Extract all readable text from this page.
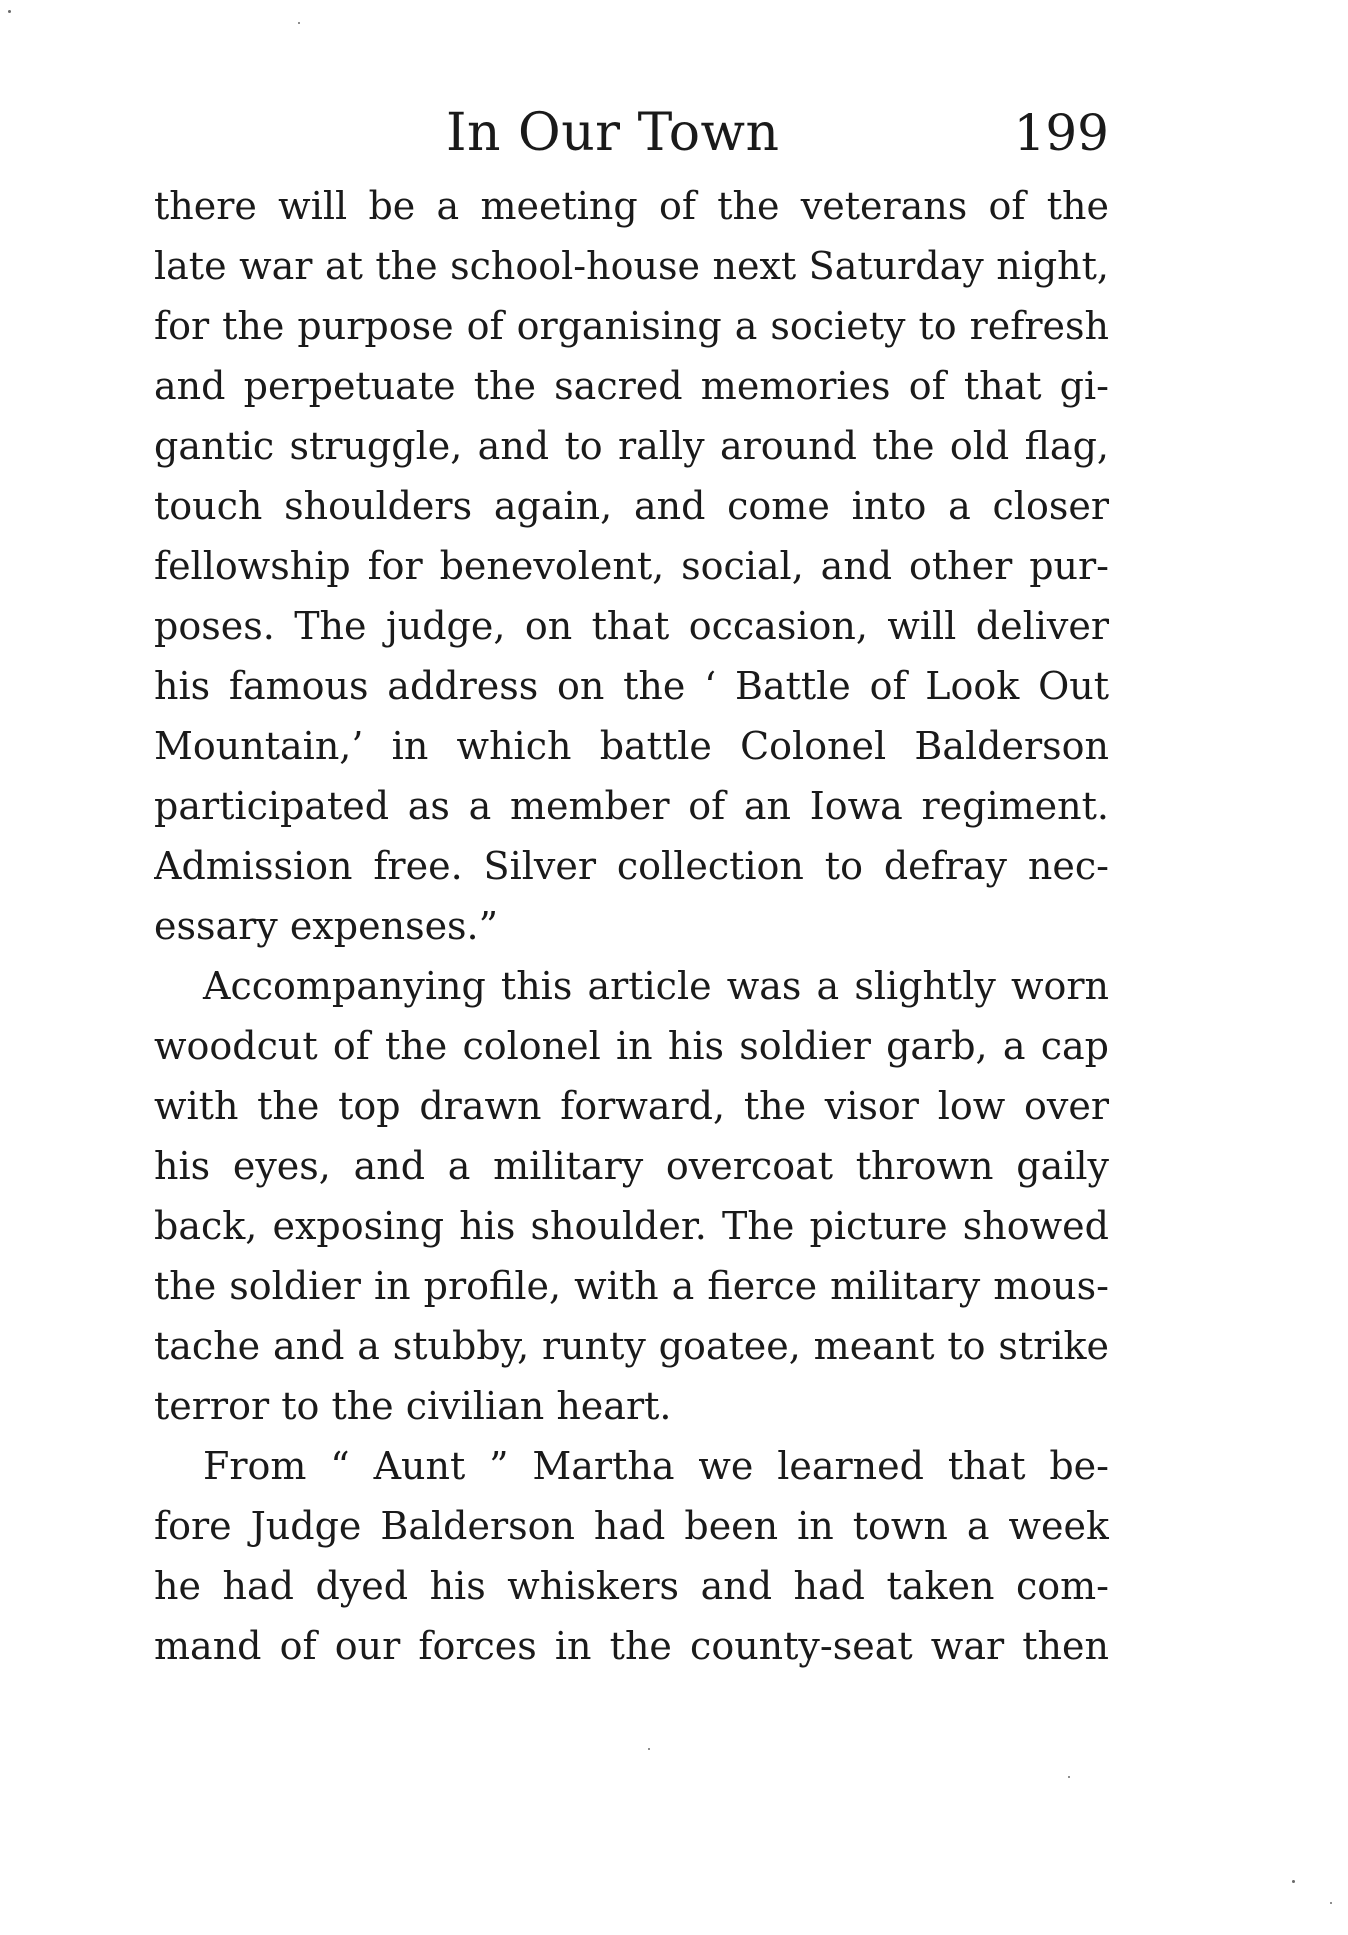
In Our Town	199
there will be a meeting of the veterans of the
late war at the school-house next Saturday night,
for the purpose of organising a society to refresh
and perpetuate the sacred memories of that gi-
gantic struggle, and to rally around the old flag,
touch shoulders again, and come into a closer
fellowship for benevolent, social, and other pur-
poses. The judge, on that occasion, will deliver
his famous address on the ‘ Battle of Look Out
Mountain,’ in which battle Colonel Balderson
participated as a member of an Iowa regiment.
Admission free. Silver collection to defray nec-
essary expenses.”
Accompanying this article was a slightly worn
woodcut of the colonel in his soldier garb, a cap
with the top drawn forward, the visor low over
his eyes, and a military overcoat thrown gaily
back, exposing his shoulder. The picture showed
the soldier in profile, with a fierce military mous-
tache and a stubby, runty goatee, meant to strike
terror to the civilian heart.
From “ Aunt ” Martha we learned that be-
fore Judge Balderson had been in town a week
he had dyed his whiskers and had taken com-
mand of our forces in the county-seat war then
